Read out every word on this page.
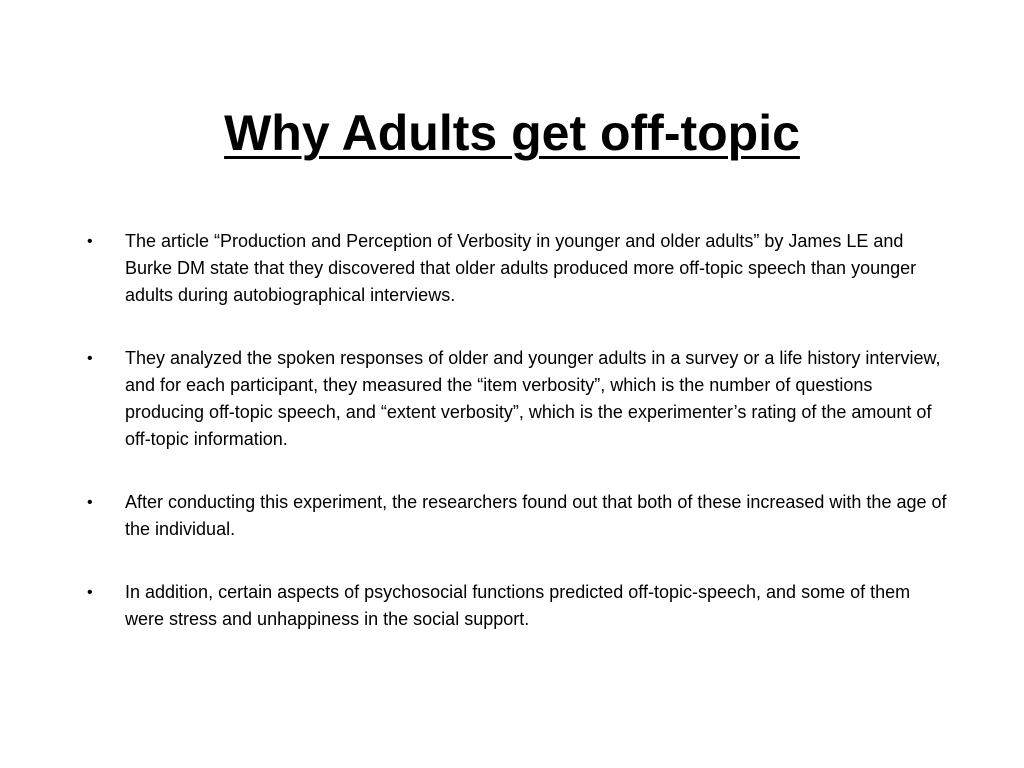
Why Adults get off-topic
•	The article “Production and Perception of Verbosity in younger and older adults” by James LE and Burke DM state that they discovered that older adults produced more off-topic speech than younger adults during autobiographical interviews.
•	They analyzed the spoken responses of older and younger adults in a survey or a life history interview, and for each participant, they measured the “item verbosity”, which is the number of questions producing off-topic speech, and “extent verbosity”, which is the experimenter’s rating of the amount of off-topic information.
•	After conducting this experiment, the researchers found out that both of these increased with the age of the individual.
•	In addition, certain aspects of psychosocial functions predicted off-topic-speech, and some of them were stress and unhappiness in the social support.
